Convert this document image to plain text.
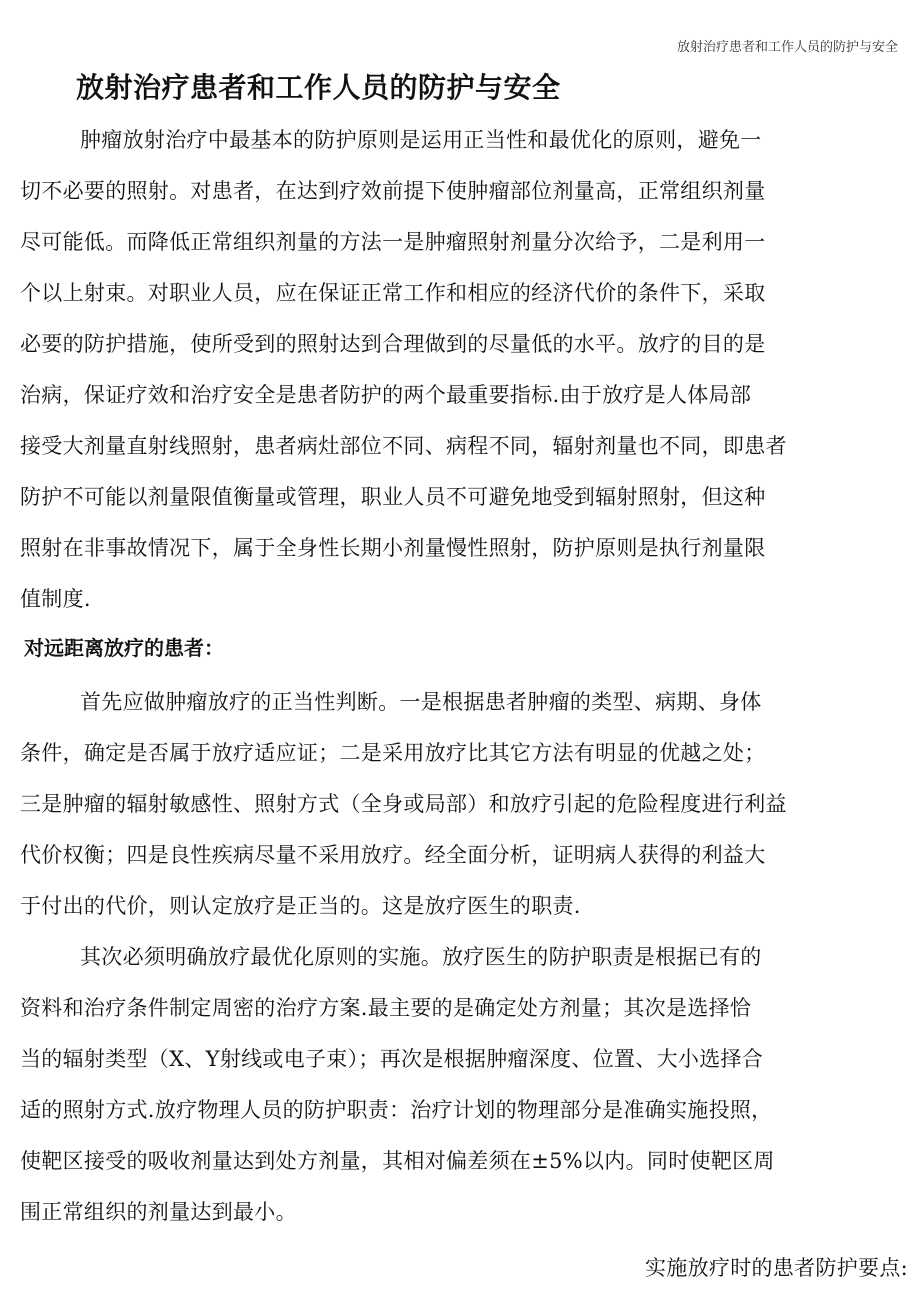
放射治疗患者和工作人员的防护与安全
放射治疗患者和工作人员的防护与安全
肿瘤放射治疗中最基本的防护原则是运用正当性和最优化的原则，避免一
切不必要的照射。对患者，在达到疗效前提下使肿瘤部位剂量高，正常组织剂量
尽可能低。而降低正常组织剂量的方法一是肿瘤照射剂量分次给予，二是利用一
个以上射束。对职业人员，应在保证正常工作和相应的经济代价的条件下，采取
必要的防护措施，使所受到的照射达到合理做到的尽量低的水平。放疗的目的是
治病，保证疗效和治疗安全是患者防护的两个最重要指标.由于放疗是人体局部
接受大剂量直射线照射，患者病灶部位不同、病程不同，辐射剂量也不同，即患者
防护不可能以剂量限值衡量或管理，职业人员不可避免地受到辐射照射，但这种
照射在非事故情况下，属于全身性长期小剂量慢性照射，防护原则是执行剂量限
值制度.
对远距离放疗的患者：
首先应做肿瘤放疗的正当性判断。一是根据患者肿瘤的类型、病期、身体
条件，确定是否属于放疗适应证；二是采用放疗比其它方法有明显的优越之处；
三是肿瘤的辐射敏感性、照射方式（全身或局部）和放疗引起的危险程度进行利益
代价权衡；四是良性疾病尽量不采用放疗。经全面分析，证明病人获得的利益大
于付出的代价，则认定放疗是正当的。这是放疗医生的职责.
其次必须明确放疗最优化原则的实施。放疗医生的防护职责是根据已有的
资料和治疗条件制定周密的治疗方案.最主要的是确定处方剂量；其次是选择恰
当的辐射类型（X、Y射线或电子束）；再次是根据肿瘤深度、位置、大小选择合
适的照射方式.放疗物理人员的防护职责：治疗计划的物理部分是准确实施投照，
使靶区接受的吸收剂量达到处方剂量，其相对偏差须在±5%以内。同时使靶区周
围正常组织的剂量达到最小。
实施放疗时的患者防护要点:
